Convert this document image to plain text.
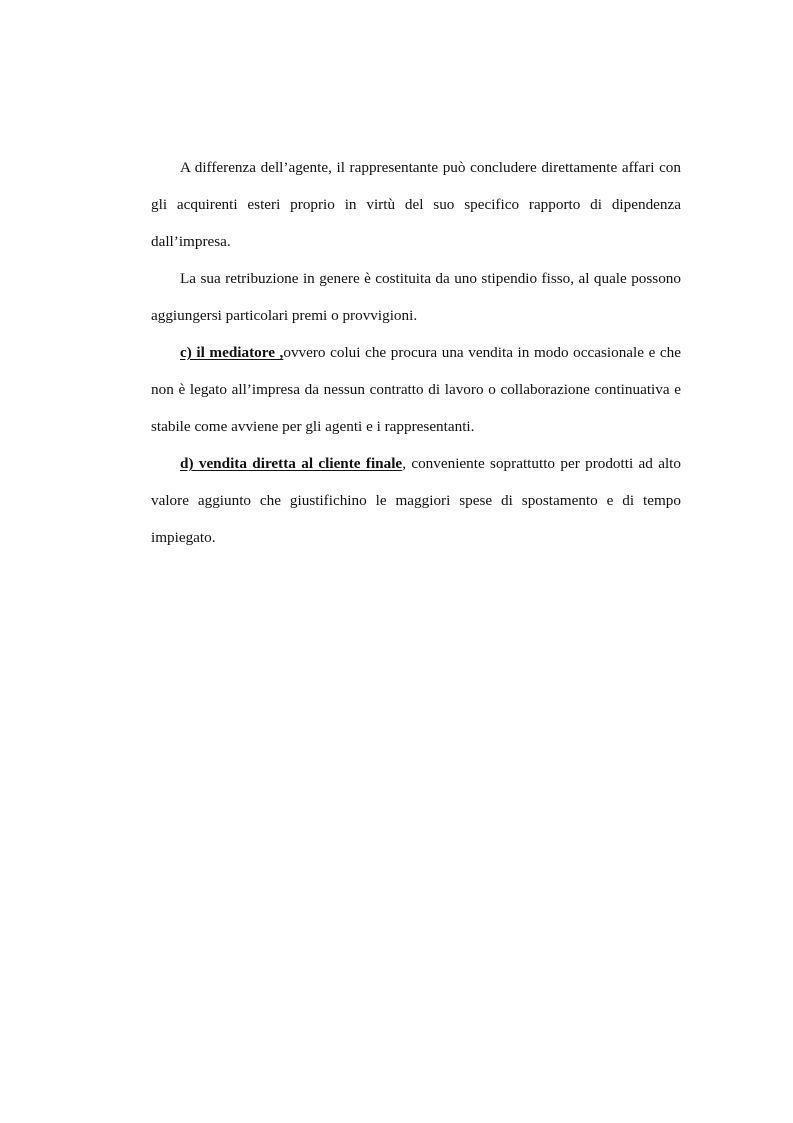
A differenza dell’agente, il rappresentante può concludere direttamente affari con gli acquirenti esteri proprio in virtù del suo specifico rapporto di dipendenza dall’impresa.

La sua retribuzione in genere è costituita da uno stipendio fisso, al quale possono aggiungersi particolari premi o provvigioni.

c) il mediatore ,ovvero colui che procura una vendita in modo occasionale e che non è legato all’impresa da nessun contratto di lavoro o collaborazione continuativa e stabile come avviene per gli agenti e i rappresentanti.

d) vendita diretta al cliente finale, conveniente soprattutto per prodotti ad alto valore aggiunto che giustifichino le maggiori spese di spostamento e di tempo impiegato.
